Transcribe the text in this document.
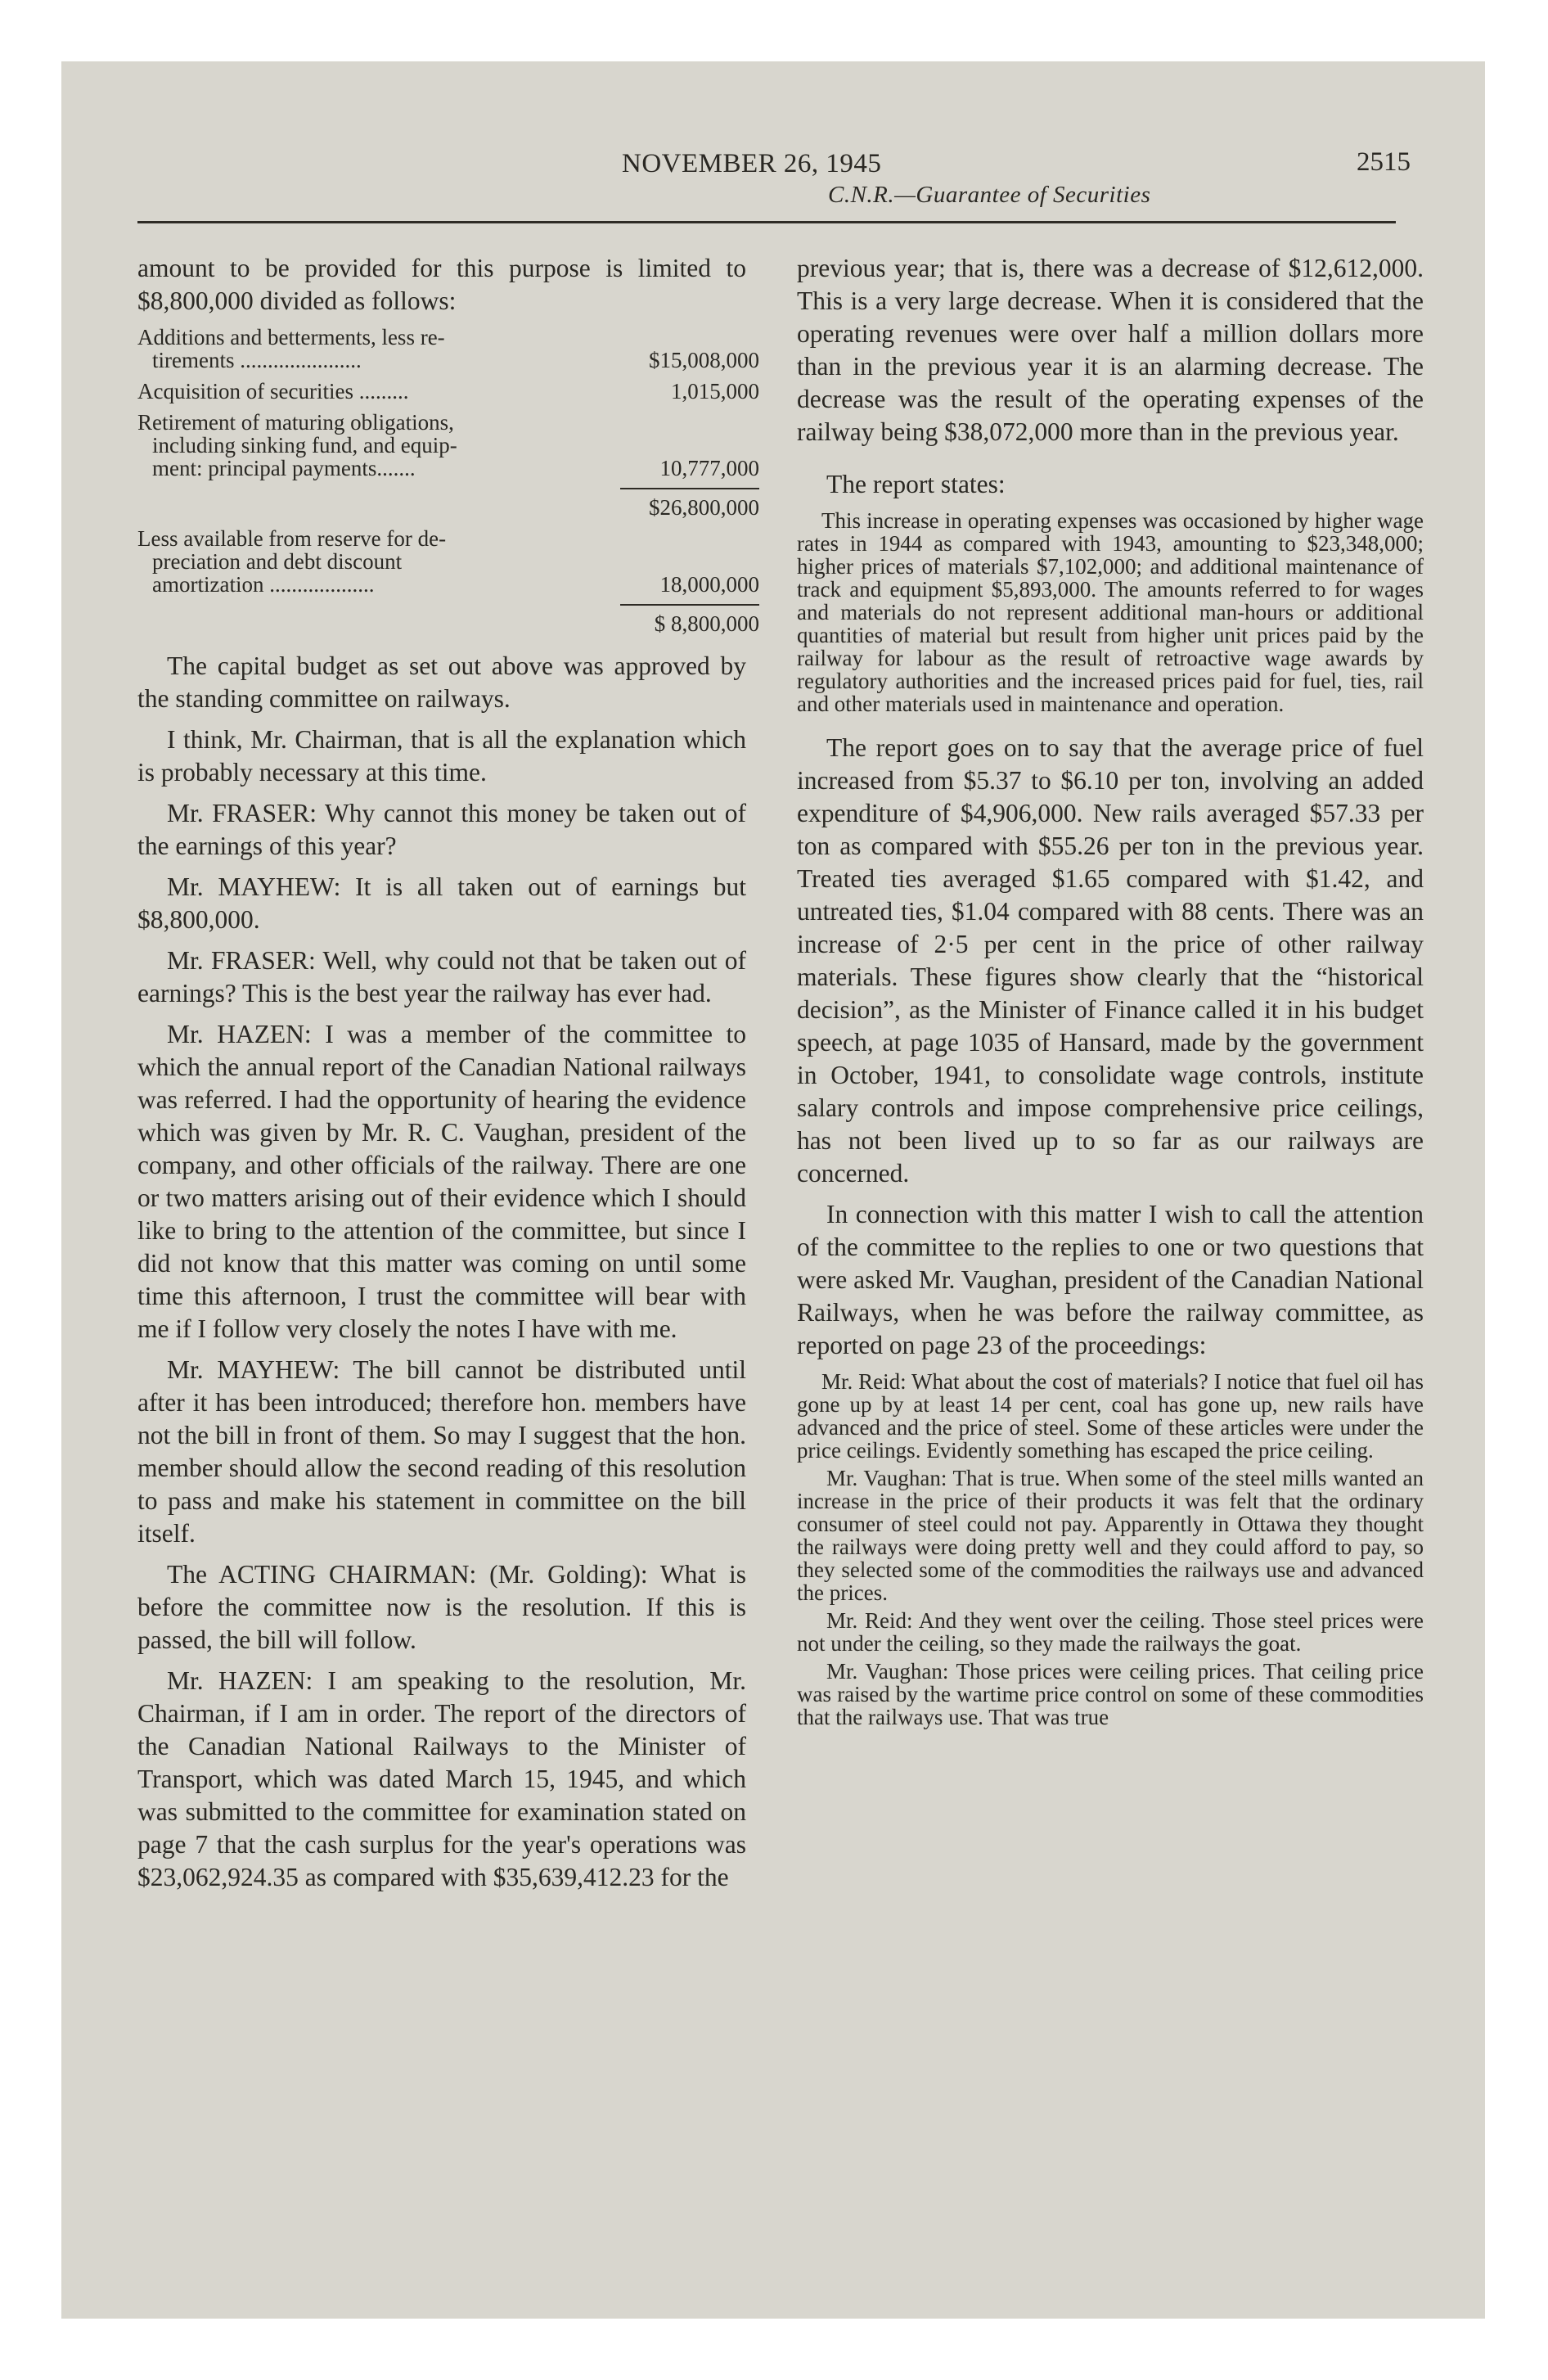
NOVEMBER 26, 1945	2515
C.N.R.—Guarantee of Securities

amount to be provided for this purpose is limited to $8,800,000 divided as follows:

Additions and betterments, less re-
tirements ......................	$15,008,000
Acquisition of securities .........	1,015,000
Retirement of maturing obligations,
including sinking fund, and equip-
ment: principal payments.......	10,777,000
$26,800,000
Less available from reserve for de-
preciation and debt discount
amortization ...................	18,000,000
$ 8,800,000

The capital budget as set out above was approved by the standing committee on railways.

I think, Mr. Chairman, that is all the explanation which is probably necessary at this time.

Mr. FRASER: Why cannot this money be taken out of the earnings of this year?

Mr. MAYHEW: It is all taken out of earnings but $8,800,000.

Mr. FRASER: Well, why could not that be taken out of earnings? This is the best year the railway has ever had.

Mr. HAZEN: I was a member of the committee to which the annual report of the Canadian National railways was referred. I had the opportunity of hearing the evidence which was given by Mr. R. C. Vaughan, president of the company, and other officials of the railway. There are one or two matters arising out of their evidence which I should like to bring to the attention of the committee, but since I did not know that this matter was coming on until some time this afternoon, I trust the committee will bear with me if I follow very closely the notes I have with me.

Mr. MAYHEW: The bill cannot be distributed until after it has been introduced; therefore hon. members have not the bill in front of them. So may I suggest that the hon. member should allow the second reading of this resolution to pass and make his statement in committee on the bill itself.

The ACTING CHAIRMAN: (Mr. Golding): What is before the committee now is the resolution. If this is passed, the bill will follow.

Mr. HAZEN: I am speaking to the resolution, Mr. Chairman, if I am in order. The report of the directors of the Canadian National Railways to the Minister of Transport, which was dated March 15, 1945, and which was submitted to the committee for examination stated on page 7 that the cash surplus for the year's operations was $23,062,924.35 as compared with $35,639,412.23 for the

previous year; that is, there was a decrease of $12,612,000. This is a very large decrease. When it is considered that the operating revenues were over half a million dollars more than in the previous year it is an alarming decrease. The decrease was the result of the operating expenses of the railway being $38,072,000 more than in the previous year.

The report states:

This increase in operating expenses was occasioned by higher wage rates in 1944 as compared with 1943, amounting to $23,348,000; higher prices of materials $7,102,000; and additional maintenance of track and equipment $5,893,000. The amounts referred to for wages and materials do not represent additional man-hours or additional quantities of material but result from higher unit prices paid by the railway for labour as the result of retroactive wage awards by regulatory authorities and the increased prices paid for fuel, ties, rail and other materials used in maintenance and operation.

The report goes on to say that the average price of fuel increased from $5.37 to $6.10 per ton, involving an added expenditure of $4,906,000. New rails averaged $57.33 per ton as compared with $55.26 per ton in the previous year. Treated ties averaged $1.65 compared with $1.42, and untreated ties, $1.04 compared with 88 cents. There was an increase of 2·5 per cent in the price of other railway materials. These figures show clearly that the “historical decision”, as the Minister of Finance called it in his budget speech, at page 1035 of Hansard, made by the government in October, 1941, to consolidate wage controls, institute salary controls and impose comprehensive price ceilings, has not been lived up to so far as our railways are concerned.

In connection with this matter I wish to call the attention of the committee to the replies to one or two questions that were asked Mr. Vaughan, president of the Canadian National Railways, when he was before the railway committee, as reported on page 23 of the proceedings:

Mr. Reid: What about the cost of materials? I notice that fuel oil has gone up by at least 14 per cent, coal has gone up, new rails have advanced and the price of steel. Some of these articles were under the price ceilings. Evidently something has escaped the price ceiling.

Mr. Vaughan: That is true. When some of the steel mills wanted an increase in the price of their products it was felt that the ordinary consumer of steel could not pay. Apparently in Ottawa they thought the railways were doing pretty well and they could afford to pay, so they selected some of the commodities the railways use and advanced the prices.

Mr. Reid: And they went over the ceiling. Those steel prices were not under the ceiling, so they made the railways the goat.

Mr. Vaughan: Those prices were ceiling prices. That ceiling price was raised by the wartime price control on some of these commodities that the railways use. That was true
